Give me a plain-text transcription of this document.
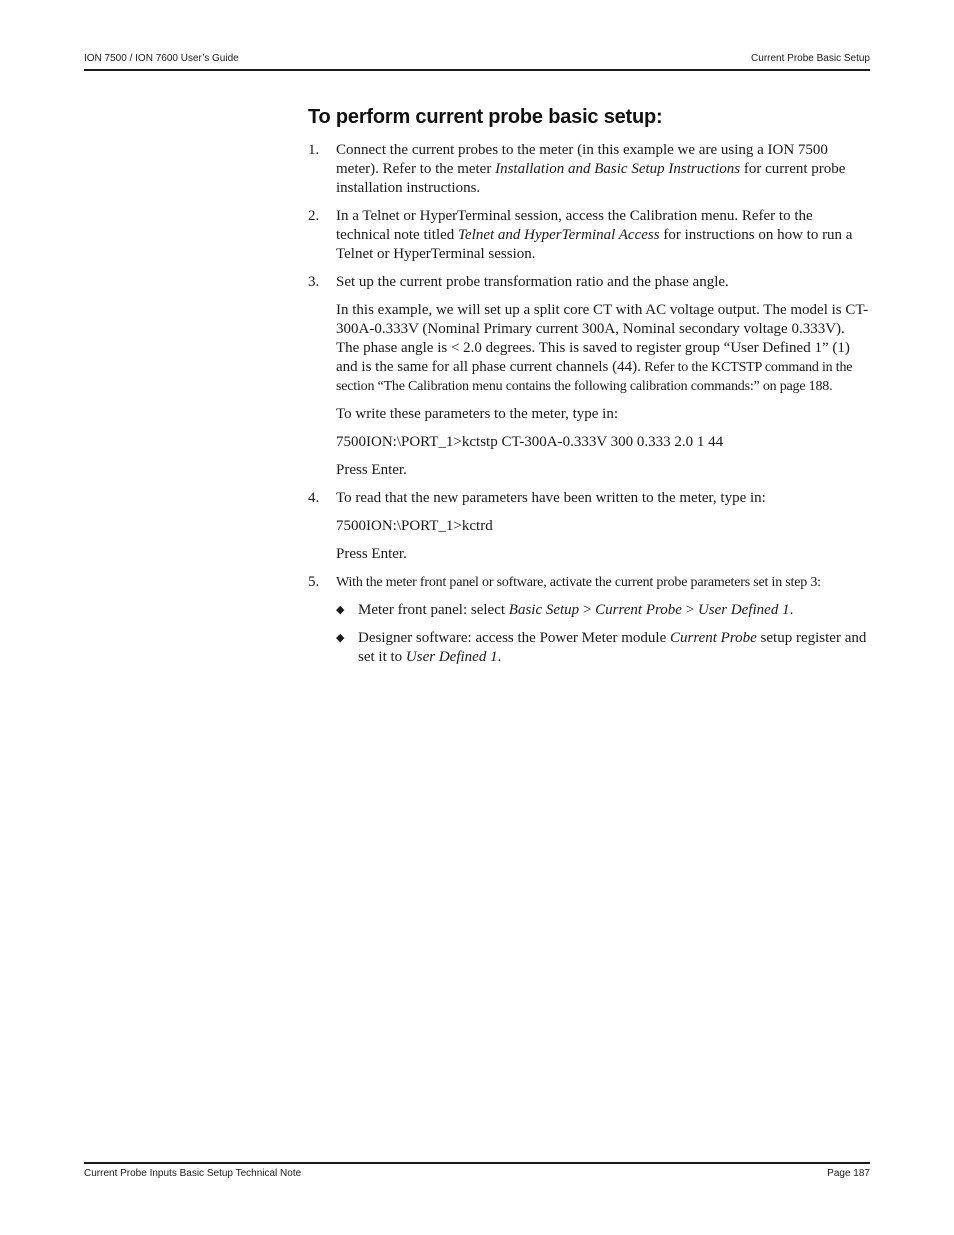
ION 7500 / ION 7600 User’s Guide	Current Probe Basic Setup
To perform current probe basic setup:
1. Connect the current probes to the meter (in this example we are using a ION 7500 meter). Refer to the meter Installation and Basic Setup Instructions for current probe installation instructions.
2. In a Telnet or HyperTerminal session, access the Calibration menu. Refer to the technical note titled Telnet and HyperTerminal Access for instructions on how to run a Telnet or HyperTerminal session.
3. Set up the current probe transformation ratio and the phase angle.

In this example, we will set up a split core CT with AC voltage output. The model is CT-300A-0.333V (Nominal Primary current 300A, Nominal secondary voltage 0.333V). The phase angle is < 2.0 degrees. This is saved to register group “User Defined 1” (1) and is the same for all phase current channels (44). Refer to the KCTSTP command in the section “The Calibration menu contains the following calibration commands:” on page 188.

To write these parameters to the meter, type in:

7500ION:\PORT_1>kctstp CT-300A-0.333V 300 0.333 2.0 1 44

Press Enter.

4. To read that the new parameters have been written to the meter, type in:

7500ION:\PORT_1>kctrd

Press Enter.

5. With the meter front panel or software, activate the current probe parameters set in step 3:
◆ Meter front panel: select Basic Setup > Current Probe > User Defined 1.
◆ Designer software: access the Power Meter module Current Probe setup register and set it to User Defined 1.
Current Probe Inputs Basic Setup Technical Note	Page 187
